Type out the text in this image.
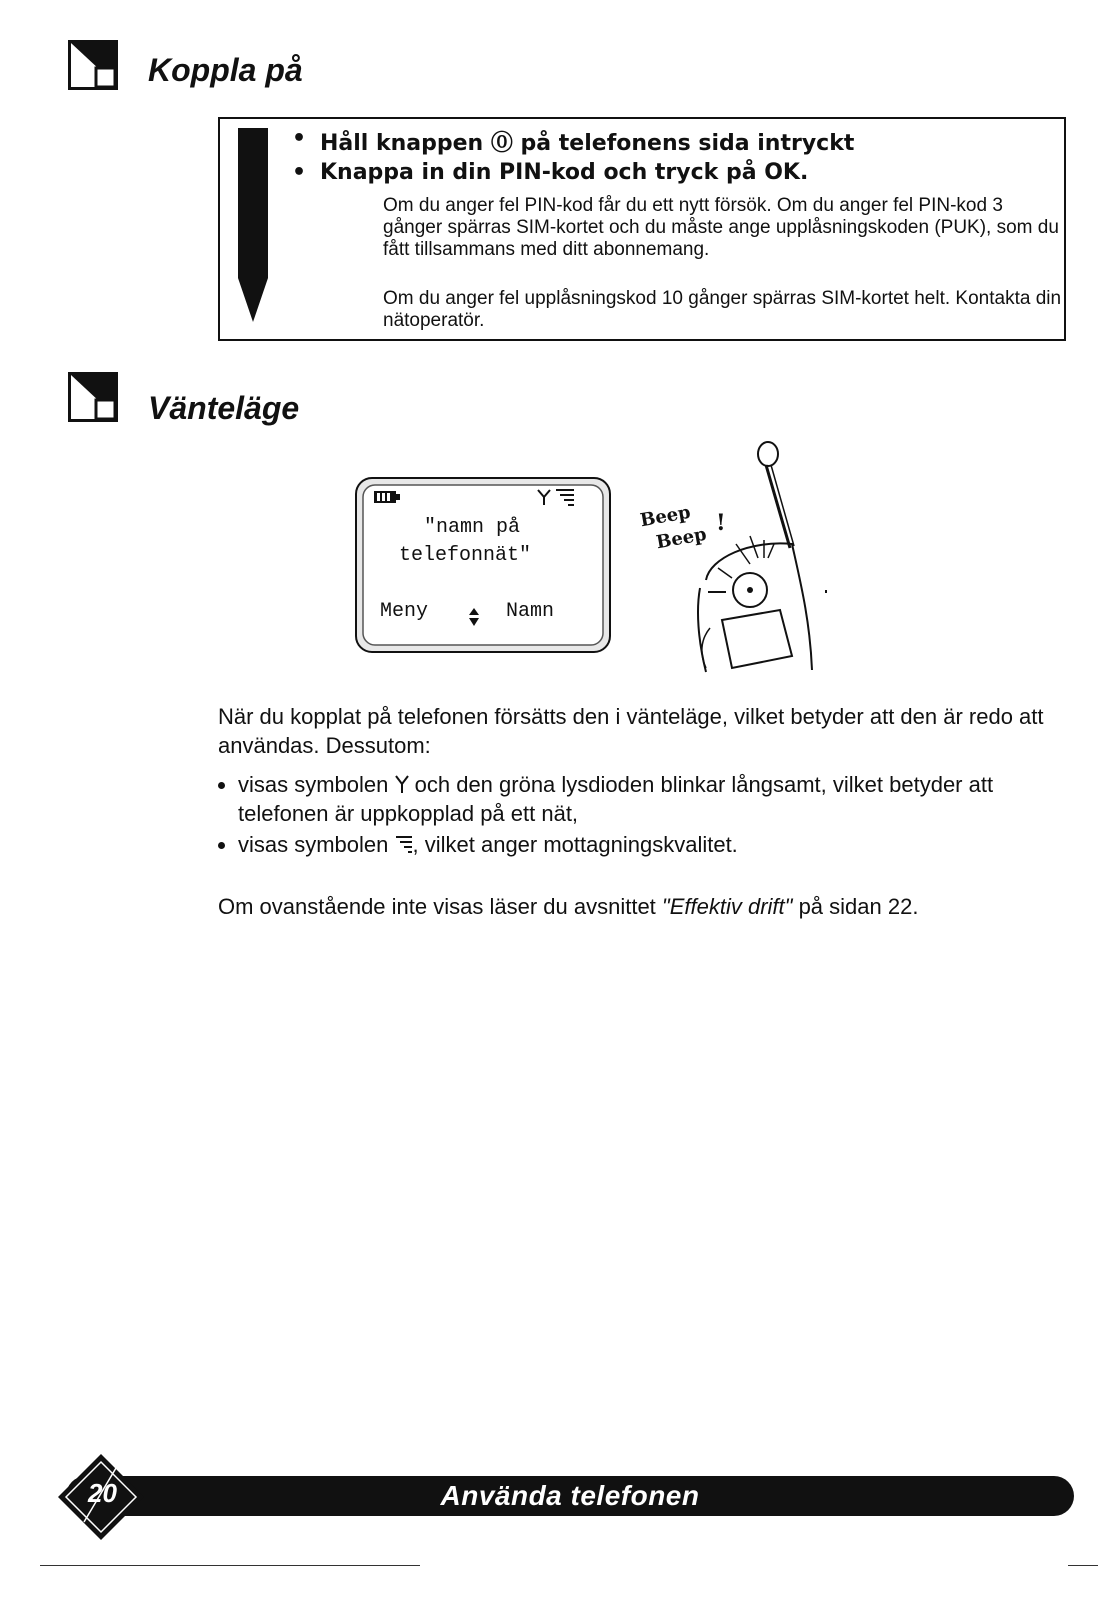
Koppla på
• Håll knappen ⓪ på telefonens sida intryckt
• Knappa in din PIN-kod och tryck på OK.
Om du anger fel PIN-kod får du ett nytt försök. Om du anger fel PIN-kod 3 gånger spärras SIM-kortet och du måste ange upplåsningskoden (PUK), som du fått tillsammans med ditt abonnemang.
Om du anger fel upplåsningskod 10 gånger spärras SIM-kortet helt. Kontakta din nätoperatör.
Vänteläge
"namn på
telefonnät"
Meny	Namn
Beep
Beep
!
När du kopplat på telefonen försätts den i vänteläge, vilket betyder att den är redo att användas. Dessutom:
visas symbolen  och den gröna lysdioden blinkar långsamt, vilket betyder att telefonen är uppkopplad på ett nät,
visas symbolen , vilket anger mottagningskvalitet.
Om ovanstående inte visas läser du avsnittet "Effektiv drift" på sidan 22.
Använda telefonen
20
